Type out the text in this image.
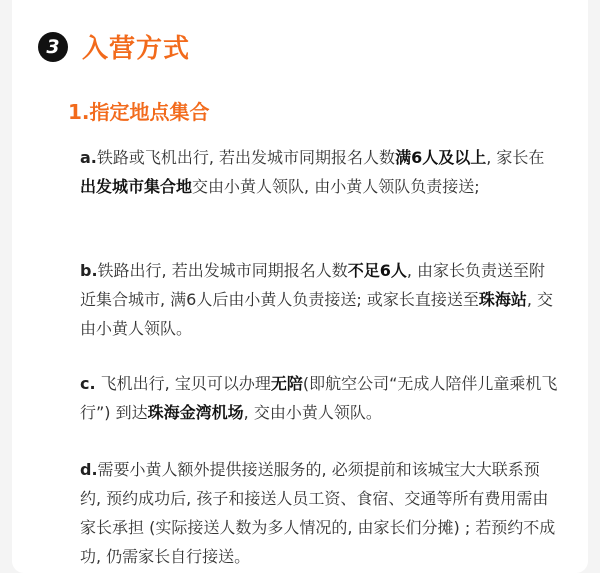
3 入营方式
1.指定地点集合
a.铁路或飞机出行, 若出发城市同期报名人数满6人及以上, 家长在出发城市集合地交由小黄人领队, 由小黄人领队负责接送;
b.铁路出行, 若出发城市同期报名人数不足6人, 由家长负责送至附近集合城市, 满6人后由小黄人负责接送; 或家长直接送至珠海站, 交由小黄人领队。
c. 飞机出行, 宝贝可以办理无陪(即航空公司“无成人陪伴儿童乘机飞行”) 到达珠海金湾机场, 交由小黄人领队。
d.需要小黄人额外提供接送服务的, 必须提前和该城宝大大联系预约, 预约成功后, 孩子和接送人员工资、食宿、交通等所有费用需由家长承担 (实际接送人数为多人情况的, 由家长们分摊) ; 若预约不成功, 仍需家长自行接送。
